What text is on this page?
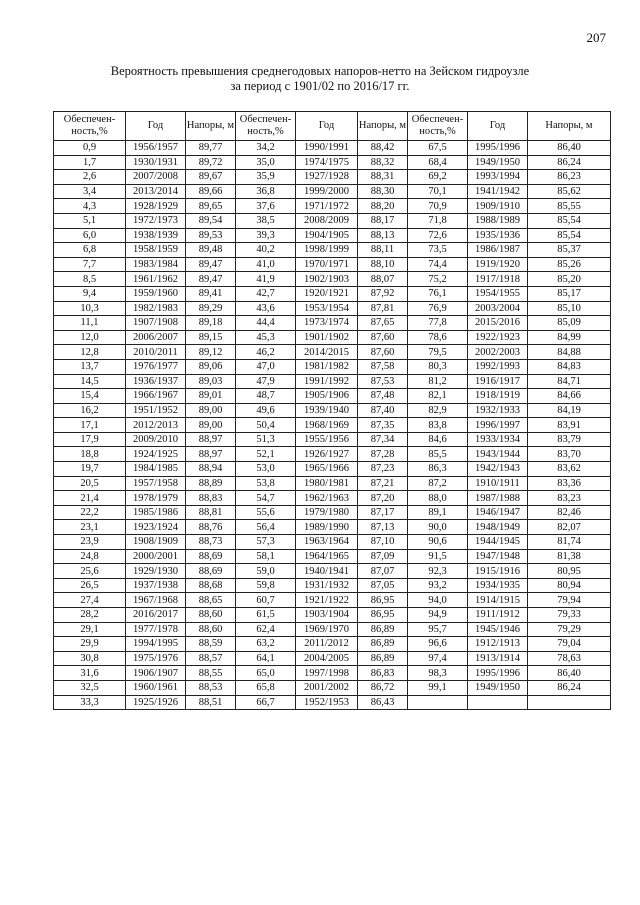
207
Вероятность превышения среднегодовых напоров-нетто на Зейском гидроузле
за период с 1901/02 по 2016/17 гг.
Обеспечен-ность,%	Год	Напоры, м	Обеспечен-ность,%	Год	Напоры, м	Обеспечен-ность,%	Год	Напоры, м
0,9	1956/1957	89,77	34,2	1990/1991	88,42	67,5	1995/1996	86,40
1,7	1930/1931	89,72	35,0	1974/1975	88,32	68,4	1949/1950	86,24
2,6	2007/2008	89,67	35,9	1927/1928	88,31	69,2	1993/1994	86,23
3,4	2013/2014	89,66	36,8	1999/2000	88,30	70,1	1941/1942	85,62
4,3	1928/1929	89,65	37,6	1971/1972	88,20	70,9	1909/1910	85,55
5,1	1972/1973	89,54	38,5	2008/2009	88,17	71,8	1988/1989	85,54
6,0	1938/1939	89,53	39,3	1904/1905	88,13	72,6	1935/1936	85,54
6,8	1958/1959	89,48	40,2	1998/1999	88,11	73,5	1986/1987	85,37
7,7	1983/1984	89,47	41,0	1970/1971	88,10	74,4	1919/1920	85,26
8,5	1961/1962	89,47	41,9	1902/1903	88,07	75,2	1917/1918	85,20
9,4	1959/1960	89,41	42,7	1920/1921	87,92	76,1	1954/1955	85,17
10,3	1982/1983	89,29	43,6	1953/1954	87,81	76,9	2003/2004	85,10
11,1	1907/1908	89,18	44,4	1973/1974	87,65	77,8	2015/2016	85,09
12,0	2006/2007	89,15	45,3	1901/1902	87,60	78,6	1922/1923	84,99
12,8	2010/2011	89,12	46,2	2014/2015	87,60	79,5	2002/2003	84,88
13,7	1976/1977	89,06	47,0	1981/1982	87,58	80,3	1992/1993	84,83
14,5	1936/1937	89,03	47,9	1991/1992	87,53	81,2	1916/1917	84,71
15,4	1966/1967	89,01	48,7	1905/1906	87,48	82,1	1918/1919	84,66
16,2	1951/1952	89,00	49,6	1939/1940	87,40	82,9	1932/1933	84,19
17,1	2012/2013	89,00	50,4	1968/1969	87,35	83,8	1996/1997	83,91
17,9	2009/2010	88,97	51,3	1955/1956	87,34	84,6	1933/1934	83,79
18,8	1924/1925	88,97	52,1	1926/1927	87,28	85,5	1943/1944	83,70
19,7	1984/1985	88,94	53,0	1965/1966	87,23	86,3	1942/1943	83,62
20,5	1957/1958	88,89	53,8	1980/1981	87,21	87,2	1910/1911	83,36
21,4	1978/1979	88,83	54,7	1962/1963	87,20	88,0	1987/1988	83,23
22,2	1985/1986	88,81	55,6	1979/1980	87,17	89,1	1946/1947	82,46
23,1	1923/1924	88,76	56,4	1989/1990	87,13	90,0	1948/1949	82,07
23,9	1908/1909	88,73	57,3	1963/1964	87,10	90,6	1944/1945	81,74
24,8	2000/2001	88,69	58,1	1964/1965	87,09	91,5	1947/1948	81,38
25,6	1929/1930	88,69	59,0	1940/1941	87,07	92,3	1915/1916	80,95
26,5	1937/1938	88,68	59,8	1931/1932	87,05	93,2	1934/1935	80,94
27,4	1967/1968	88,65	60,7	1921/1922	86,95	94,0	1914/1915	79,94
28,2	2016/2017	88,60	61,5	1903/1904	86,95	94,9	1911/1912	79,33
29,1	1977/1978	88,60	62,4	1969/1970	86,89	95,7	1945/1946	79,29
29,9	1994/1995	88,59	63,2	2011/2012	86,89	96,6	1912/1913	79,04
30,8	1975/1976	88,57	64,1	2004/2005	86,89	97,4	1913/1914	78,63
31,6	1906/1907	88,55	65,0	1997/1998	86,83	98,3	1995/1996	86,40
32,5	1960/1961	88,53	65,8	2001/2002	86,72	99,1	1949/1950	86,24
33,3	1925/1926	88,51	66,7	1952/1953	86,43			
